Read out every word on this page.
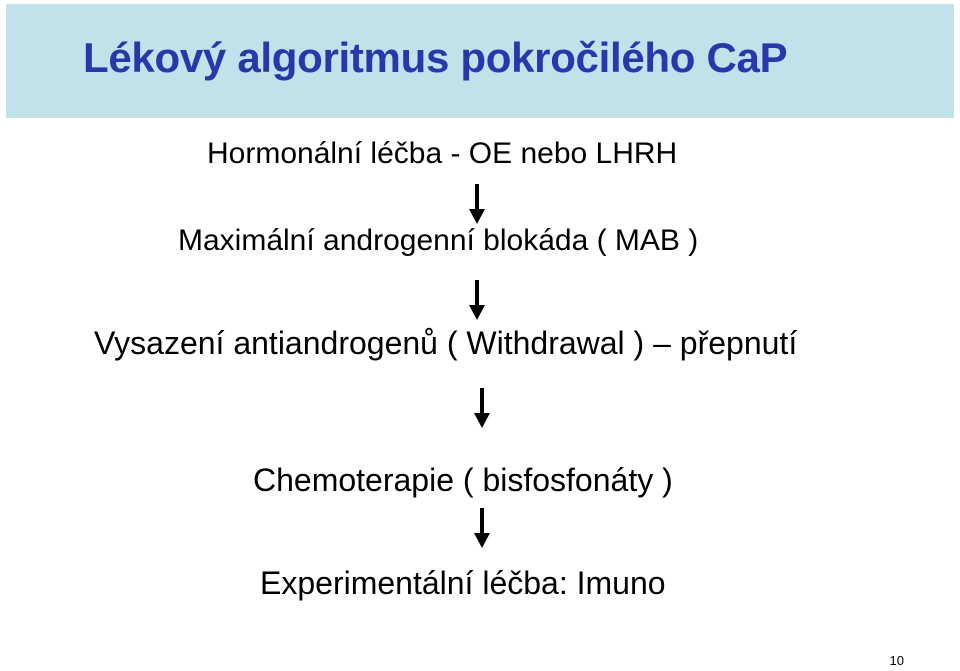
Lékový algoritmus pokročilého CaP
Hormonální léčba - OE nebo LHRH
Maximální androgenní blokáda ( MAB )
Vysazení antiandrogenů ( Withdrawal ) – přepnutí
Chemoterapie ( bisfosfonáty )
Experimentální léčba: Imuno
10
